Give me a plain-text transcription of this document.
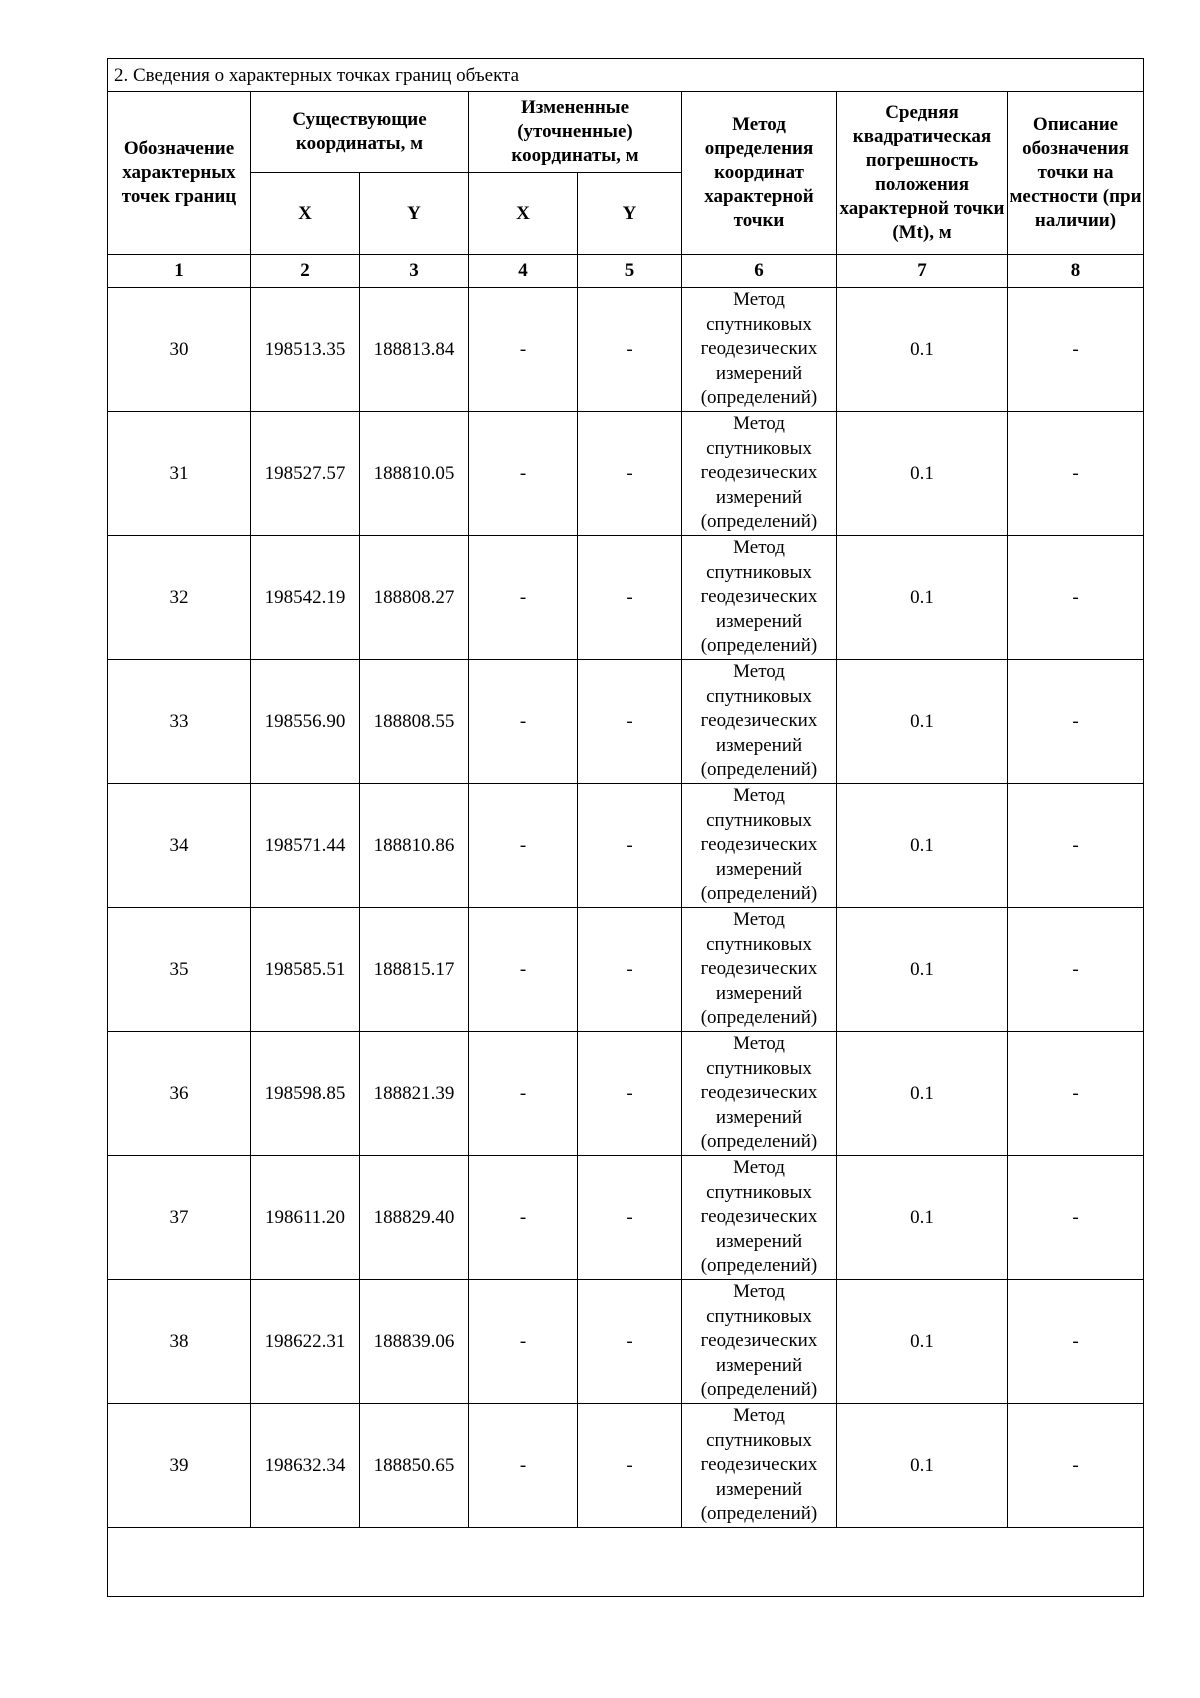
2. Сведения о характерных точках границ объекта							
Обозначение характерных точек границ	Существующие координаты, м		Измененные (уточненные) координаты, м		Метод определения координат характерной точки	Средняя квадратическая погрешность положения характерной точки (Mt), м	Описание обозначения точки на местности (при наличии)
	X	Y	X	Y			
1	2	3	4	5	6	7	8
30	198513.35	188813.84	-	-	Метод спутниковых геодезических измерений (определений)	0.1	-
31	198527.57	188810.05	-	-	Метод спутниковых геодезических измерений (определений)	0.1	-
32	198542.19	188808.27	-	-	Метод спутниковых геодезических измерений (определений)	0.1	-
33	198556.90	188808.55	-	-	Метод спутниковых геодезических измерений (определений)	0.1	-
34	198571.44	188810.86	-	-	Метод спутниковых геодезических измерений (определений)	0.1	-
35	198585.51	188815.17	-	-	Метод спутниковых геодезических измерений (определений)	0.1	-
36	198598.85	188821.39	-	-	Метод спутниковых геодезических измерений (определений)	0.1	-
37	198611.20	188829.40	-	-	Метод спутниковых геодезических измерений (определений)	0.1	-
38	198622.31	188839.06	-	-	Метод спутниковых геодезических измерений (определений)	0.1	-
39	198632.34	188850.65	-	-	Метод спутниковых геодезических измерений (определений)	0.1	-
